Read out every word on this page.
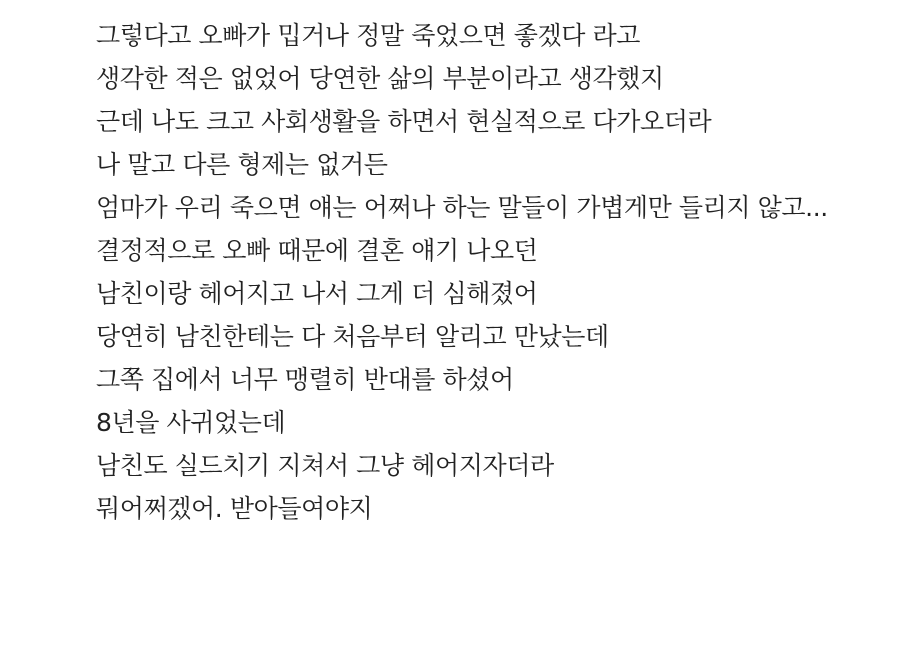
그렇다고 오빠가 밉거나 정말 죽었으면 좋겠다 라고

생각한 적은 없었어 당연한 삶의 부분이라고 생각했지

근데 나도 크고 사회생활을 하면서 현실적으로 다가오더라

나 말고 다른 형제는 없거든

엄마가 우리 죽으면 얘는 어쩌나 하는 말들이 가볍게만 들리지 않고...

결정적으로 오빠 때문에 결혼 얘기 나오던

남친이랑 헤어지고 나서 그게 더 심해졌어

당연히 남친한테는 다 처음부터 알리고 만났는데

그쪽 집에서 너무 맹렬히 반대를 하셨어

8년을 사귀었는데

남친도 실드치기 지쳐서 그냥 헤어지자더라

뭐어쩌겠어. 받아들여야지
